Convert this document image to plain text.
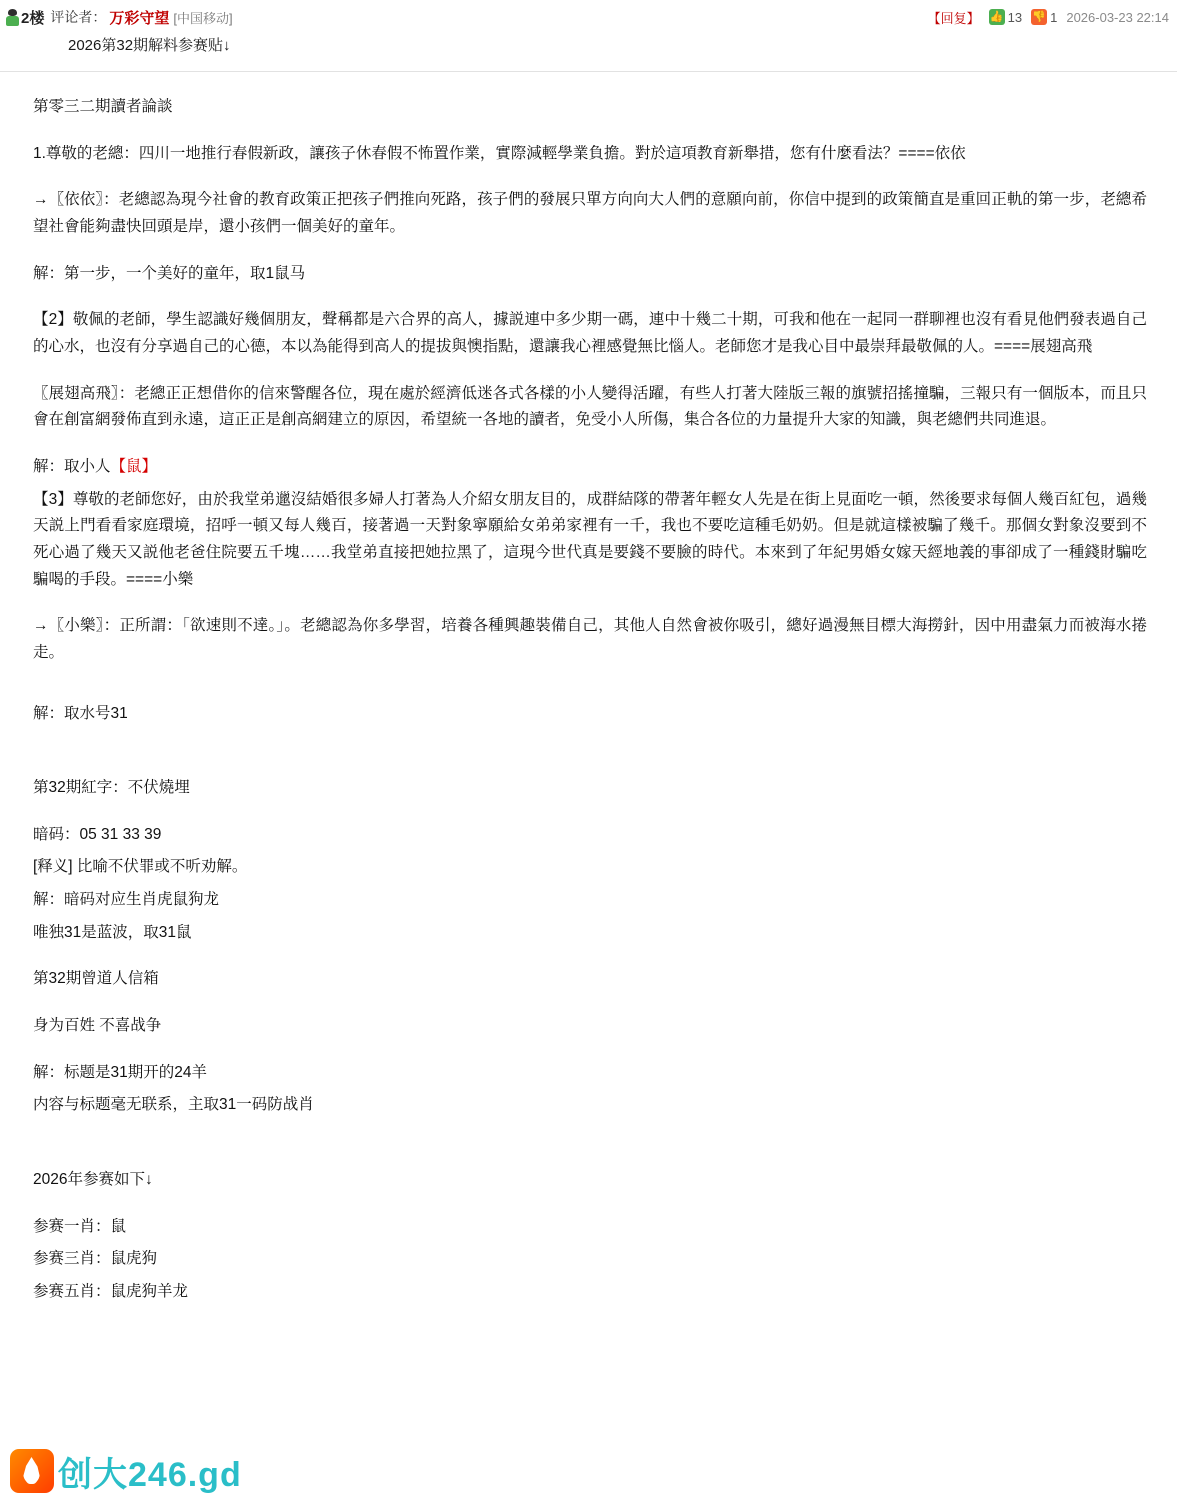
2楼 评论者： 万彩守望 [中国移动]	【回复】 👍 13 👎 1 2026-03-23 22:14
2026第32期解料参赛贴↓

第零三二期讀者論談

1.尊敬的老總：四川一地推行春假新政，讓孩子休春假不怖置作業，實際減輕學業負擔。對於這項教育新舉措，您有什麼看法？====依依

→〖依依〗：老總認為現今社會的教育政策正把孩子們推向死路，孩子們的發展只單方向向大人們的意願向前，你信中提到的政策簡直是重回正軌的第一步，老總希望社會能夠盡快回頭是岸，還小孩們一個美好的童年。

解：第一步，一个美好的童年，取1鼠马

【2】敬佩的老師，學生認識好幾個朋友，聲稱都是六合界的高人，據説連中多少期一碼，連中十幾二十期，可我和他在一起同一群聊裡也沒有看見他們發表過自己的心水，也沒有分享過自己的心德，本以為能得到高人的提拔與懊指點，還讓我心裡感覺無比惱人。老師您才是我心目中最崇拜最敬佩的人。====展翅高飛

〖展翅高飛〗：老總正正想借你的信來警醒各位，現在處於經濟低迷各式各樣的小人變得活躍，有些人打著大陸版三報的旗號招搖撞騙，三報只有一個版本，而且只會在創富網發佈直到永遠，這正正是創高網建立的原因，希望統一各地的讀者，免受小人所傷，集合各位的力量提升大家的知識，與老總們共同進退。

解：取小人【鼠】

【3】尊敬的老師您好，由於我堂弟邋沒結婚很多婦人打著為人介紹女朋友目的，成群結隊的帶著年輕女人先是在街上見面吃一頓，然後要求每個人幾百紅包，過幾天説上門看看家庭環境，招呼一頓又每人幾百，接著過一天對象寧願給女弟弟家裡有一千，我也不要吃這種毛奶奶。但是就這樣被騙了幾千。那個女對象沒要到不死心過了幾天又説他老爸住院要五千塊……我堂弟直接把她拉黑了，這現今世代真是要錢不要臉的時代。本來到了年紀男婚女嫁天經地義的事卻成了一種錢財騙吃騙喝的手段。====小樂

→〖小樂〗：正所謂：「欲速則不達。」。老總認為你多學習，培養各種興趣裝備自己，其他人自然會被你吸引，總好過漫無目標大海撈針，因中用盡氣力而被海水捲走。

解：取水号31

第32期紅字：不伏燒埋

暗码：05 31 33 39

[释义] 比喻不伏罪或不听劝解。

解：暗码对应生肖虎鼠狗龙

唯独31是蓝波，取31鼠

第32期曾道人信箱

身为百姓 不喜战争

解：标题是31期开的24羊

内容与标题毫无联系，主取31一码防战肖

2026年参赛如下↓

参赛一肖：鼠

参赛三肖：鼠虎狗

参赛五肖：鼠虎狗羊龙

创大246.gd
